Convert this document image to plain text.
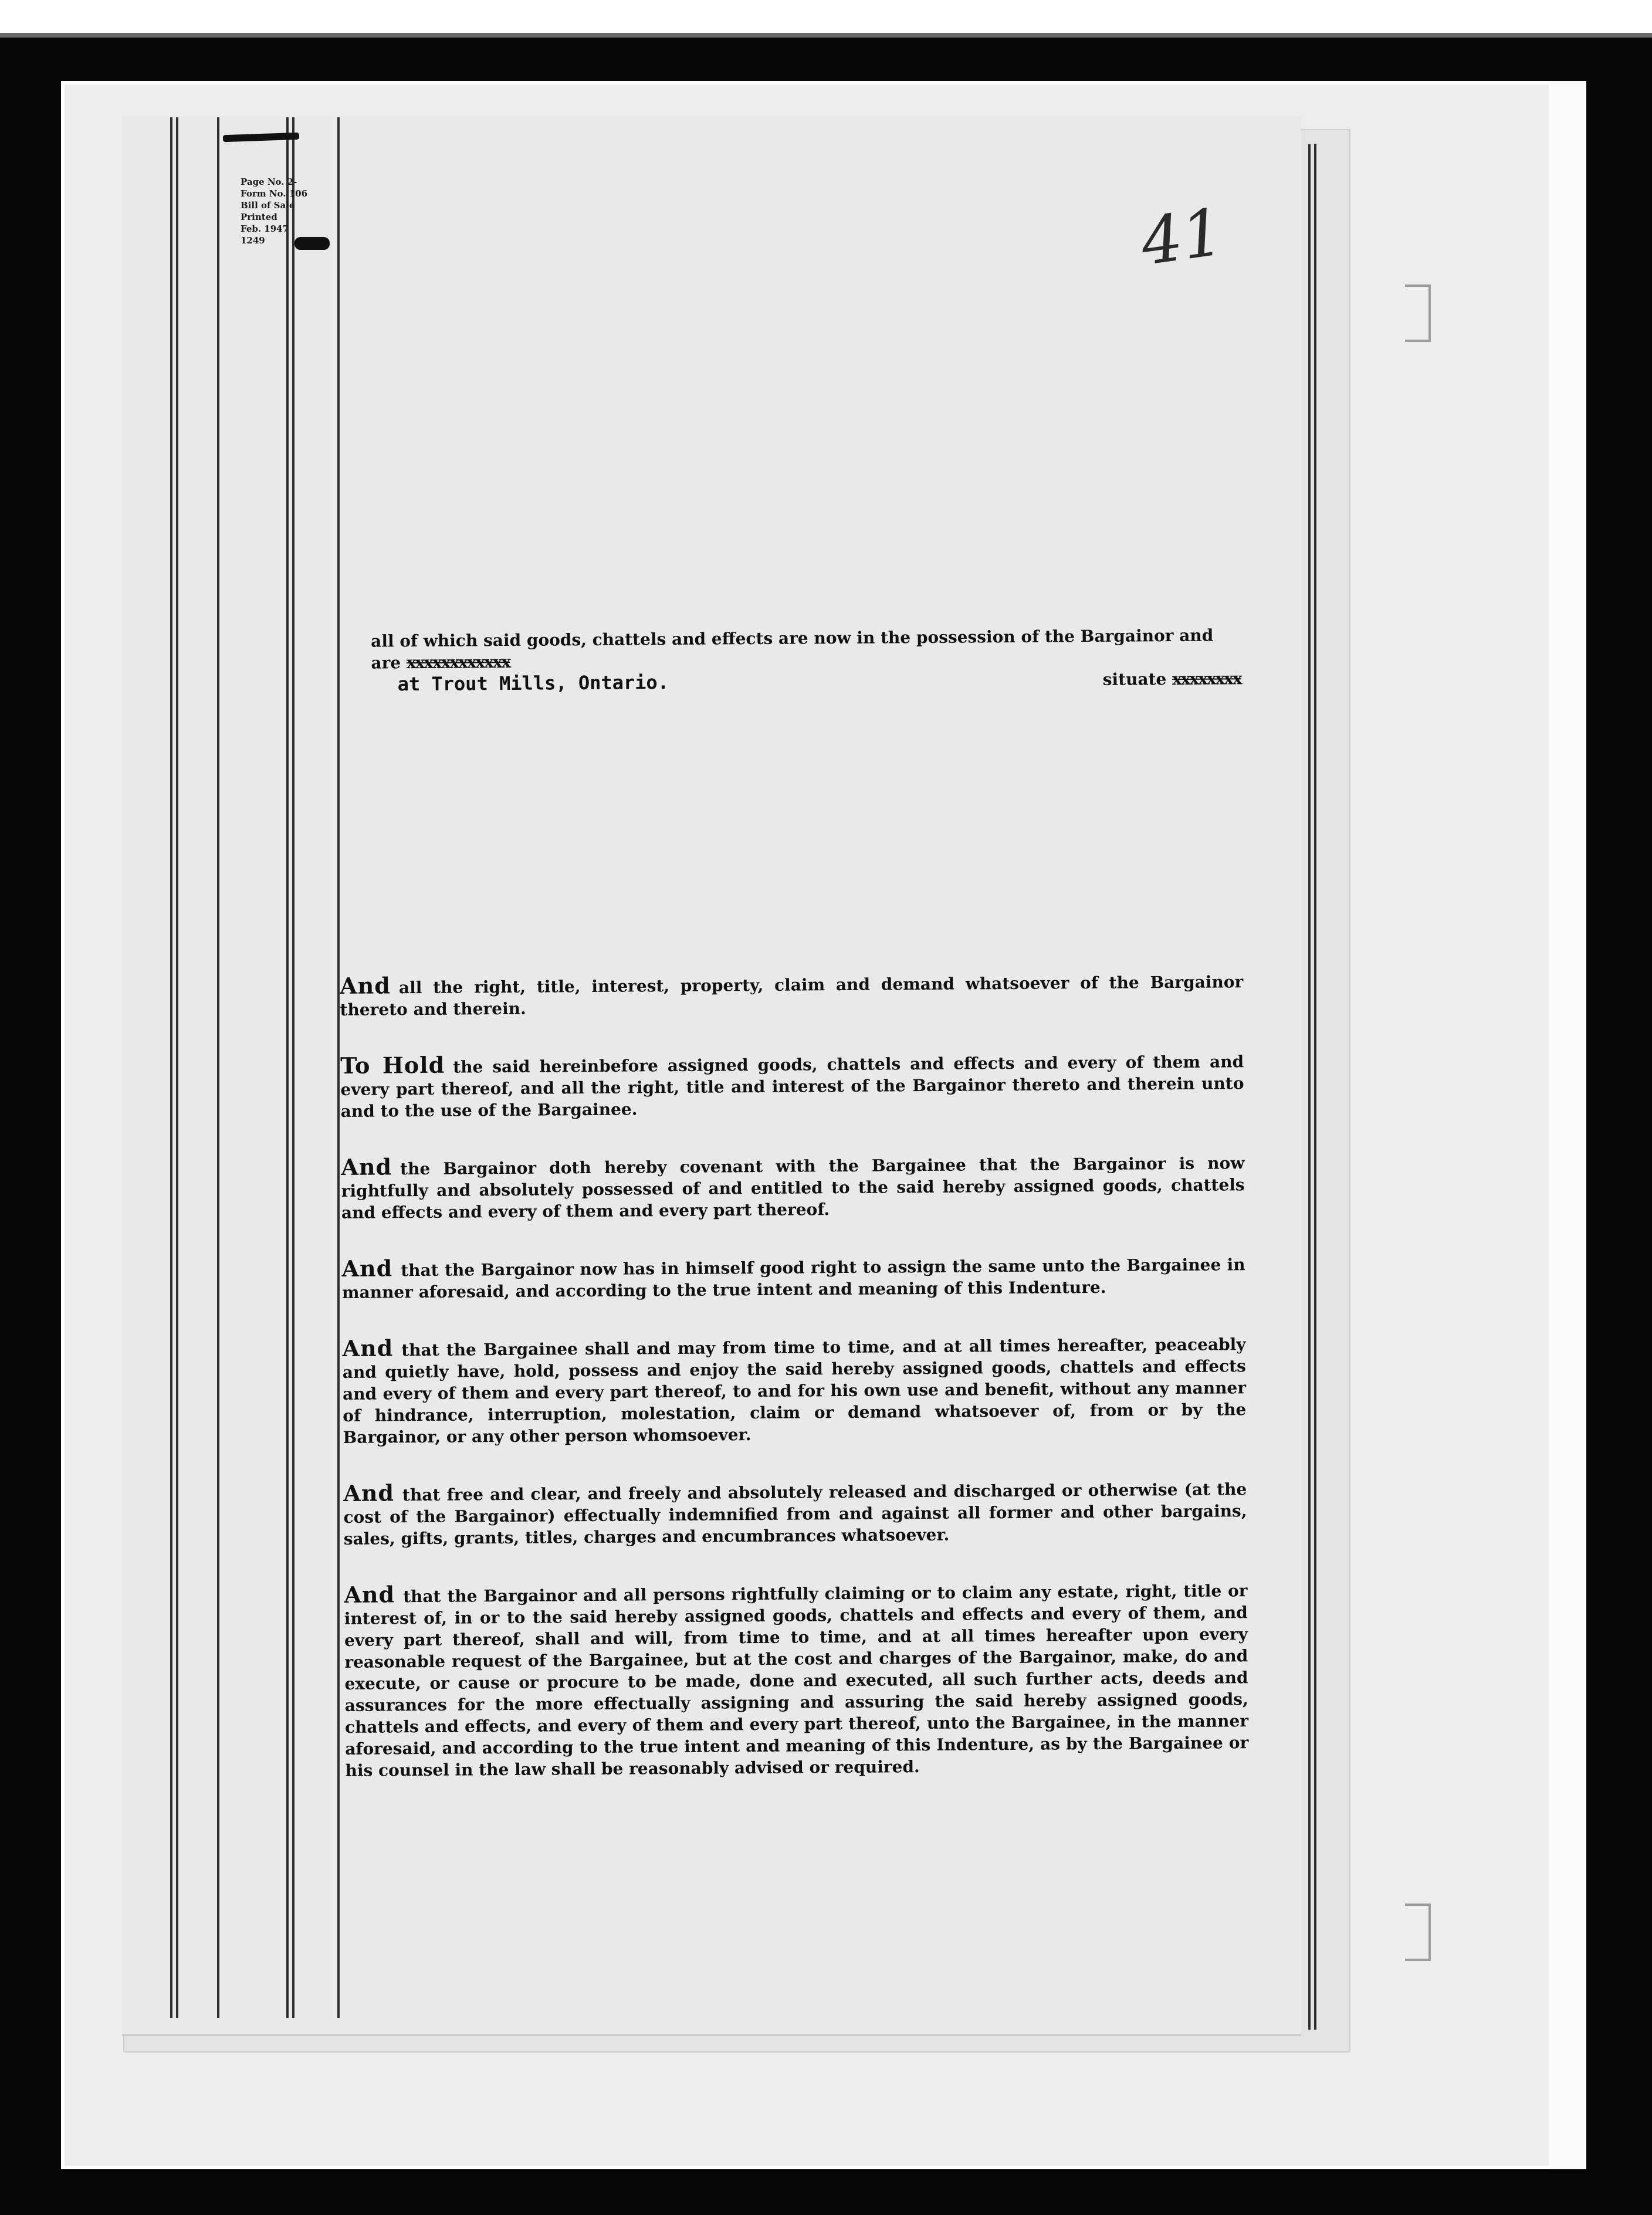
Page No. 2-
Form No. 106
Bill of Sale
Printed
Feb. 1947
1249	41
all of which said goods, chattels and effects are now in the possession of the Bargainor and
are xxxxxxxxxxxx
at Trout Mills, Ontario.	situate xxxxxxxx
And all the right, title, interest, property, claim and demand whatsoever of the Bargainor thereto and therein.
To Hold the said hereinbefore assigned goods, chattels and effects and every of them and every part thereof, and all the right, title and interest of the Bargainor thereto and therein unto and to the use of the Bargainee.
And the Bargainor doth hereby covenant with the Bargainee that the Bargainor is now rightfully and absolutely possessed of and entitled to the said hereby assigned goods, chattels and effects and every of them and every part thereof.
And that the Bargainor now has in himself good right to assign the same unto the Bargainee in manner aforesaid, and according to the true intent and meaning of this Indenture.
And that the Bargainee shall and may from time to time, and at all times hereafter, peaceably and quietly have, hold, possess and enjoy the said hereby assigned goods, chattels and effects and every of them and every part thereof, to and for his own use and benefit, without any manner of hindrance, interruption, molestation, claim or demand whatsoever of, from or by the Bargainor, or any other person whomsoever.
And that free and clear, and freely and absolutely released and discharged or otherwise (at the cost of the Bargainor) effectually indemnified from and against all former and other bargains, sales, gifts, grants, titles, charges and encumbrances whatsoever.
And that the Bargainor and all persons rightfully claiming or to claim any estate, right, title or interest of, in or to the said hereby assigned goods, chattels and effects and every of them, and every part thereof, shall and will, from time to time, and at all times hereafter upon every reasonable request of the Bargainee, but at the cost and charges of the Bargainor, make, do and execute, or cause or procure to be made, done and executed, all such further acts, deeds and assurances for the more effectually assigning and assuring the said hereby assigned goods, chattels and effects, and every of them and every part thereof, unto the Bargainee, in the manner aforesaid, and according to the true intent and meaning of this Indenture, as by the Bargainee or his counsel in the law shall be reasonably advised or required.
